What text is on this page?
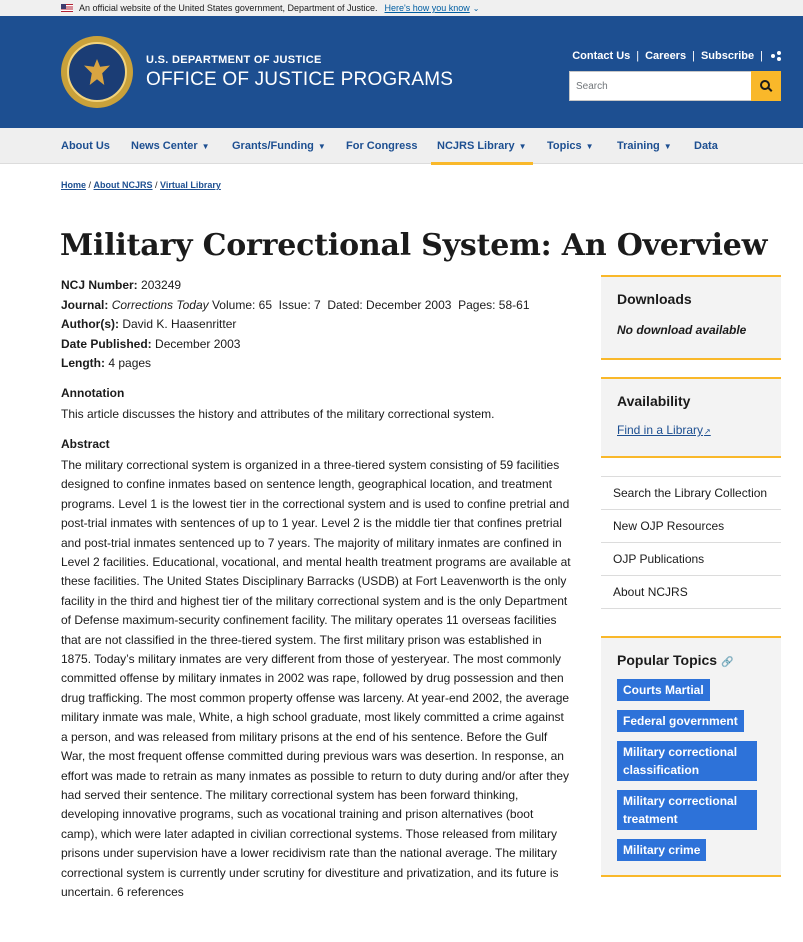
An official website of the United States government, Department of Justice. Here's how you know ⌄
U.S. DEPARTMENT OF JUSTICE
OFFICE OF JUSTICE PROGRAMS
Contact Us | Careers | Subscribe |
Search
About Us News Center ▼ Grants/Funding ▼ For Congress NCJRS Library ▼ Topics ▼ Training ▼ Data
Home / About NCJRS / Virtual Library
Military Correctional System: An Overview
NCJ Number: 203249
Journal: Corrections Today Volume: 65  Issue: 7  Dated: December 2003  Pages: 58-61
Author(s): David K. Haasenritter
Date Published: December 2003
Length: 4 pages
Annotation
This article discusses the history and attributes of the military correctional system.
Abstract
The military correctional system is organized in a three-tiered system consisting of 59 facilities designed to confine inmates based on sentence length, geographical location, and treatment programs. Level 1 is the lowest tier in the correctional system and is used to confine pretrial and post-trial inmates with sentences of up to 1 year. Level 2 is the middle tier that confines pretrial and post-trial inmates sentenced up to 7 years. The majority of military inmates are confined in Level 2 facilities. Educational, vocational, and mental health treatment programs are available at these facilities. The United States Disciplinary Barracks (USDB) at Fort Leavenworth is the only facility in the third and highest tier of the military correctional system and is the only Department of Defense maximum-security confinement facility. The military operates 11 overseas facilities that are not classified in the three-tiered system. The first military prison was established in 1875. Today’s military inmates are very different from those of yesteryear. The most commonly committed offense by military inmates in 2002 was rape, followed by drug possession and then drug trafficking. The most common property offense was larceny. At year-end 2002, the average military inmate was male, White, a high school graduate, most likely committed a crime against a person, and was released from military prisons at the end of his sentence. Before the Gulf War, the most frequent offense committed during previous wars was desertion. In response, an effort was made to retrain as many inmates as possible to return to duty during and/or after they had served their sentence. The military correctional system has been forward thinking, developing innovative programs, such as vocational training and prison alternatives (boot camp), which were later adapted in civilian correctional systems. Those released from military prisons under supervision have a lower recidivism rate than the national average. The military correctional system is currently under scrutiny for divestiture and privatization, and its future is uncertain. 6 references
Downloads
No download available
Availability
Find in a Library↗
Search the Library Collection
New OJP Resources
OJP Publications
About NCJRS
Popular Topics 🔗
Courts Martial
Federal government
Military correctional classification
Military correctional treatment
Military crime
